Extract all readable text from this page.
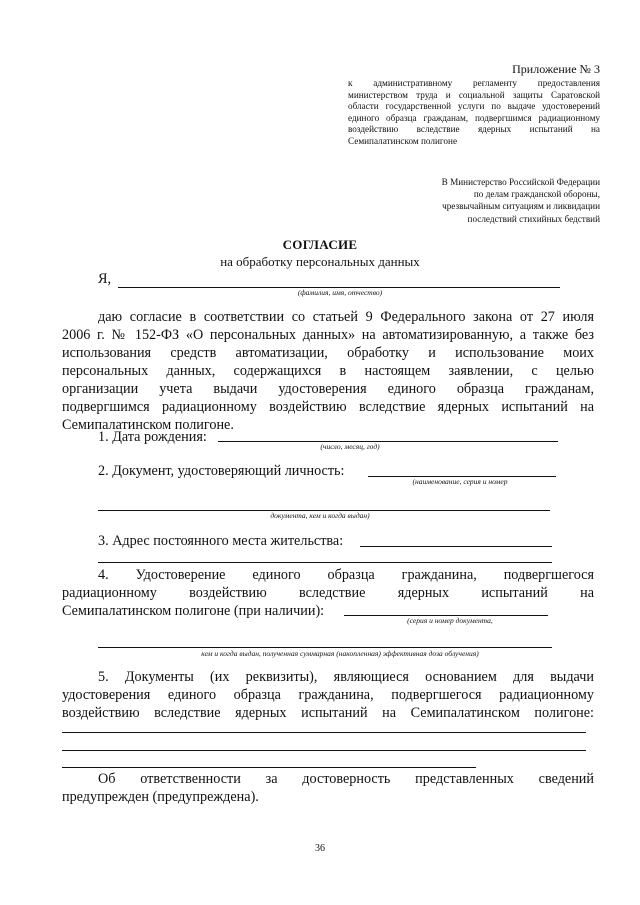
Приложение № 3
к административному регламенту предоставления министерством труда и социальной защиты Саратовской области государственной услуги по выдаче удостоверений единого образца гражданам, подвергшимся радиационному воздействию вследствие ядерных испытаний на Семипалатинском полигоне
В Министерство Российской Федерации
по делам гражданской обороны,
чрезвычайным ситуациям и ликвидации
последствий стихийных бедствий
СОГЛАСИЕ
на обработку персональных данных
Я,
(фамилия, имя, отчество)
даю согласие в соответствии со статьей 9 Федерального закона от 27 июля
2006 г. № 152-ФЗ «О персональных данных» на автоматизированную, а также без
использования средств автоматизации, обработку и использование моих
персональных данных, содержащихся в настоящем заявлении, с целью
организации учета выдачи удостоверения единого образца гражданам,
подвергшимся радиационному воздействию вследствие ядерных испытаний на
Семипалатинском полигоне.
1. Дата рождения:
(число, месяц, год)
2. Документ, удостоверяющий личность:
(наименование, серия и номер
документа, кем и когда выдан)
3. Адрес постоянного места жительства:
4. Удостоверение единого образца гражданина, подвергшегося
радиационному воздействию вследствие ядерных испытаний на
Семипалатинском полигоне (при наличии):
(серия и номер документа,
кем и когда выдан, полученная суммарная (накопленная) эффективная доза облучения)
5. Документы (их реквизиты), являющиеся основанием для выдачи
удостоверения единого образца гражданина, подвергшегося радиационному
воздействию вследствие ядерных испытаний на Семипалатинском полигоне:
Об ответственности за достоверность представленных сведений
предупрежден (предупреждена).
36
